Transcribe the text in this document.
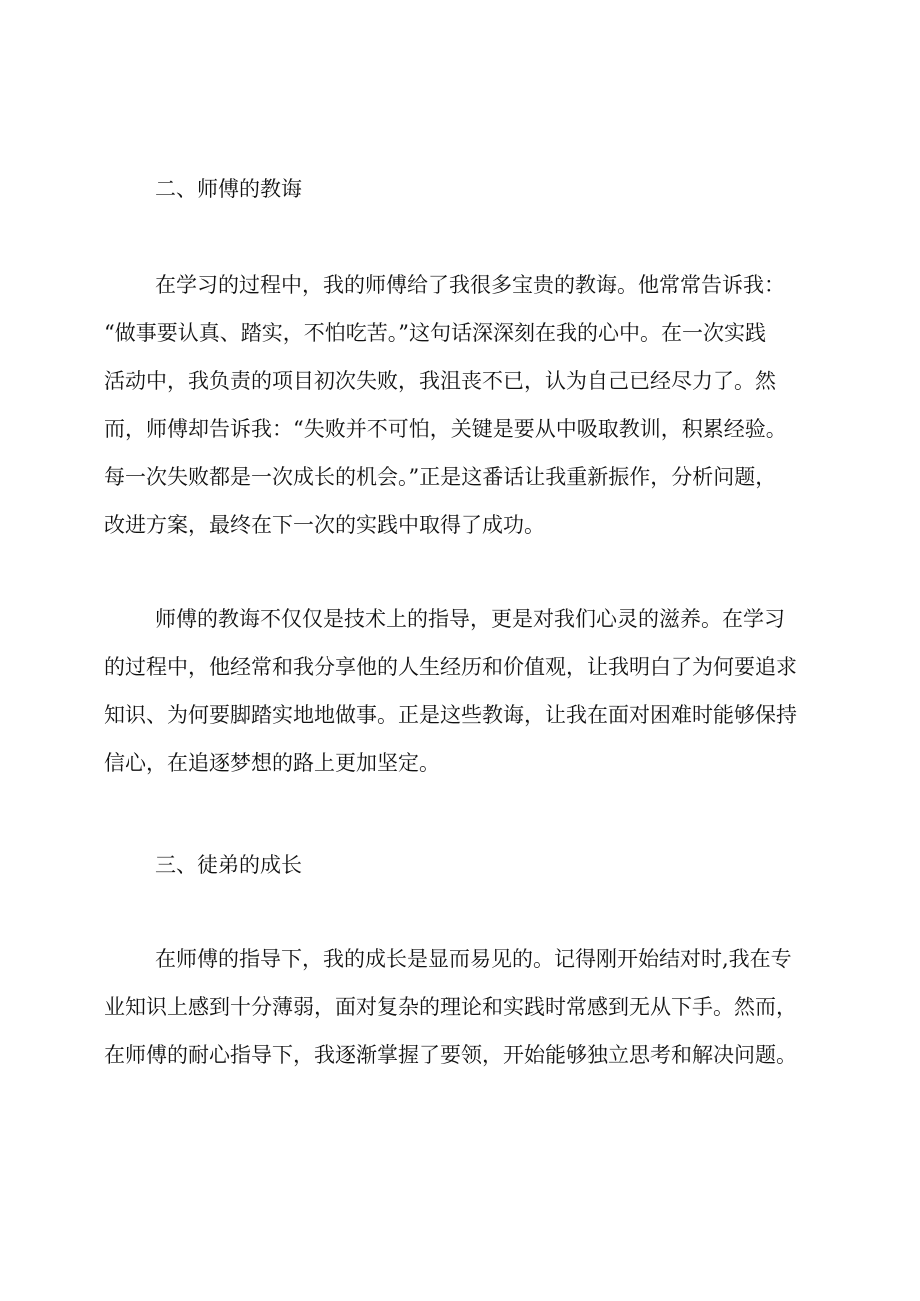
二、师傅的教诲
在学习的过程中，我的师傅给了我很多宝贵的教诲。他常常告诉我：
“做事要认真、踏实，不怕吃苦。”这句话深深刻在我的心中。在一次实践
活动中，我负责的项目初次失败，我沮丧不已，认为自己已经尽力了。然
而，师傅却告诉我：“失败并不可怕，关键是要从中吸取教训，积累经验。
每一次失败都是一次成长的机会。”正是这番话让我重新振作，分析问题，
改进方案，最终在下一次的实践中取得了成功。
师傅的教诲不仅仅是技术上的指导，更是对我们心灵的滋养。在学习
的过程中，他经常和我分享他的人生经历和价值观，让我明白了为何要追求
知识、为何要脚踏实地地做事。正是这些教诲，让我在面对困难时能够保持
信心，在追逐梦想的路上更加坚定。
三、徒弟的成长
在师傅的指导下，我的成长是显而易见的。记得刚开始结对时,我在专
业知识上感到十分薄弱，面对复杂的理论和实践时常感到无从下手。然而，
在师傅的耐心指导下，我逐渐掌握了要领，开始能够独立思考和解决问题。
